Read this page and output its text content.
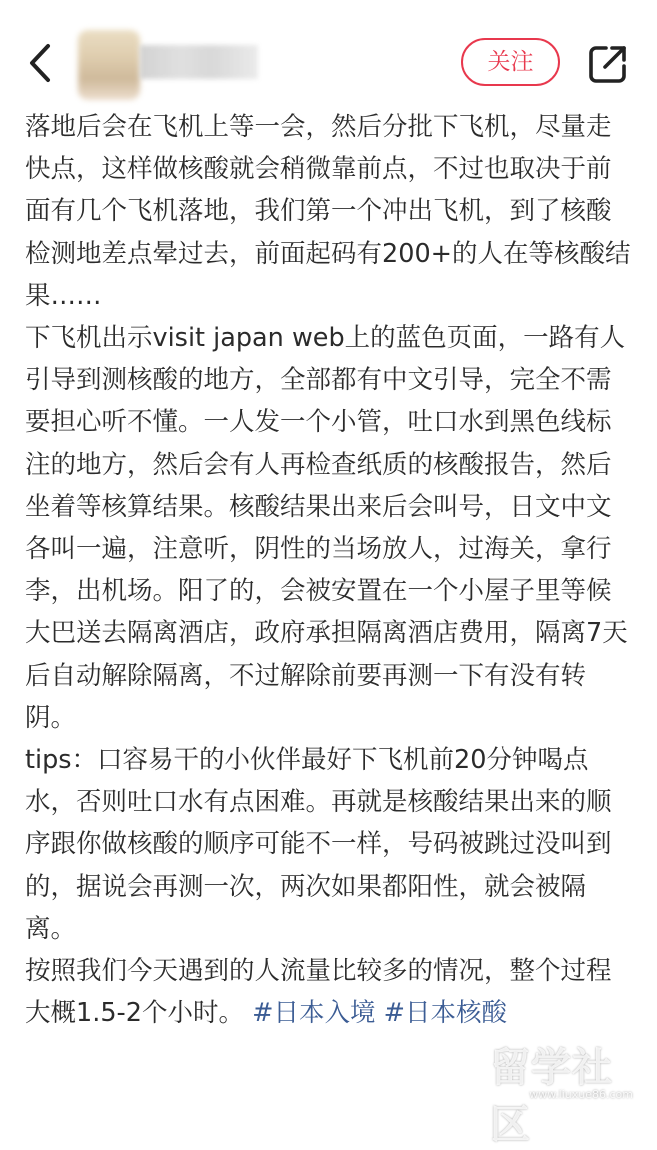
关注

落地后会在飞机上等一会，然后分批下飞机，尽量走快点，这样做核酸就会稍微靠前点，不过也取决于前面有几个飞机落地，我们第一个冲出飞机，到了核酸检测地差点晕过去，前面起码有200+的人在等核酸结果……

下飞机出示visit japan web上的蓝色页面，一路有人引导到测核酸的地方，全部都有中文引导，完全不需要担心听不懂。一人发一个小管，吐口水到黑色线标注的地方，然后会有人再检查纸质的核酸报告，然后坐着等核算结果。核酸结果出来后会叫号，日文中文各叫一遍，注意听，阴性的当场放人，过海关，拿行李，出机场。阳了的，会被安置在一个小屋子里等候大巴送去隔离酒店，政府承担隔离酒店费用，隔离7天后自动解除隔离，不过解除前要再测一下有没有转阴。

tips：口容易干的小伙伴最好下飞机前20分钟喝点水，否则吐口水有点困难。再就是核酸结果出来的顺序跟你做核酸的顺序可能不一样，号码被跳过没叫到的，据说会再测一次，两次如果都阳性，就会被隔离。

按照我们今天遇到的人流量比较多的情况，整个过程大概1.5-2个小时。 #日本入境 #日本核酸

留学社区
www.liuxue86.com
